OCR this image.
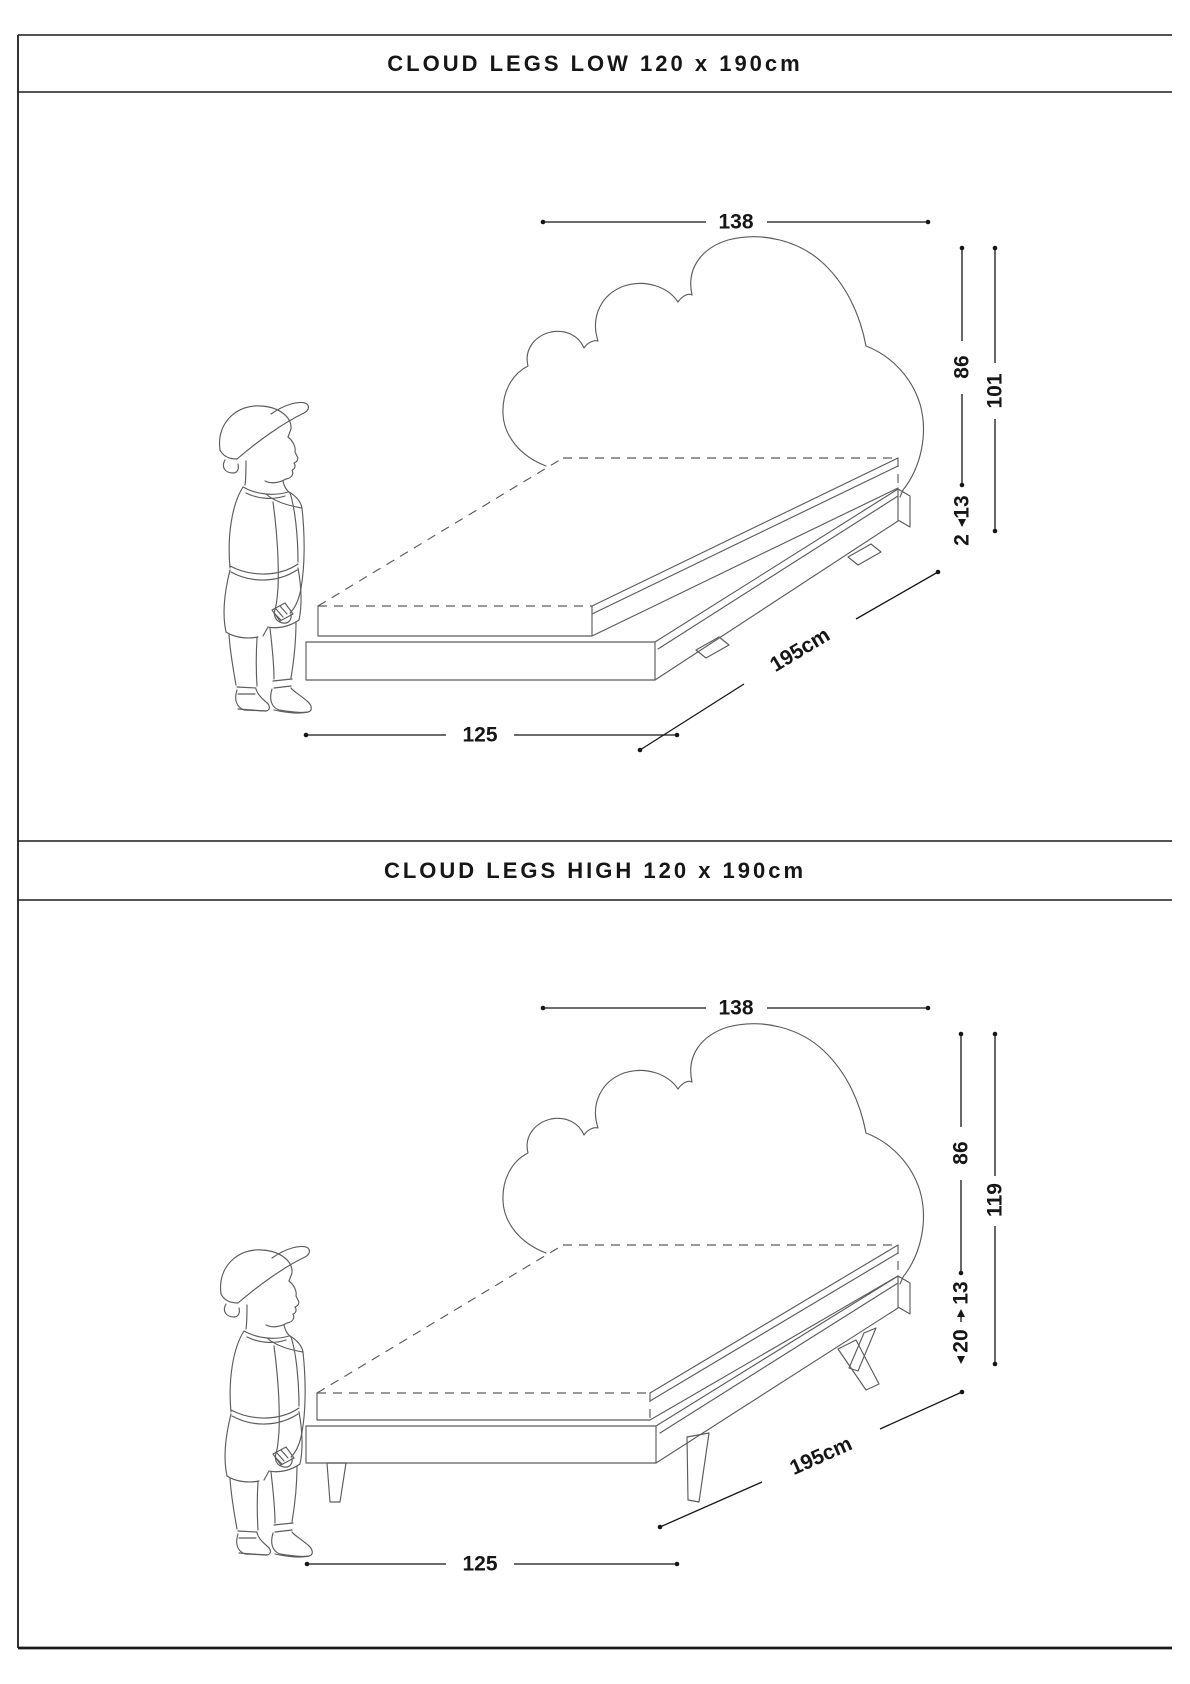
CLOUD LEGS LOW 120 x 190cm
138
86
13
2
101
195cm
125
CLOUD LEGS HIGH 120 x 190cm
138
86
13
20
119
195cm
125
